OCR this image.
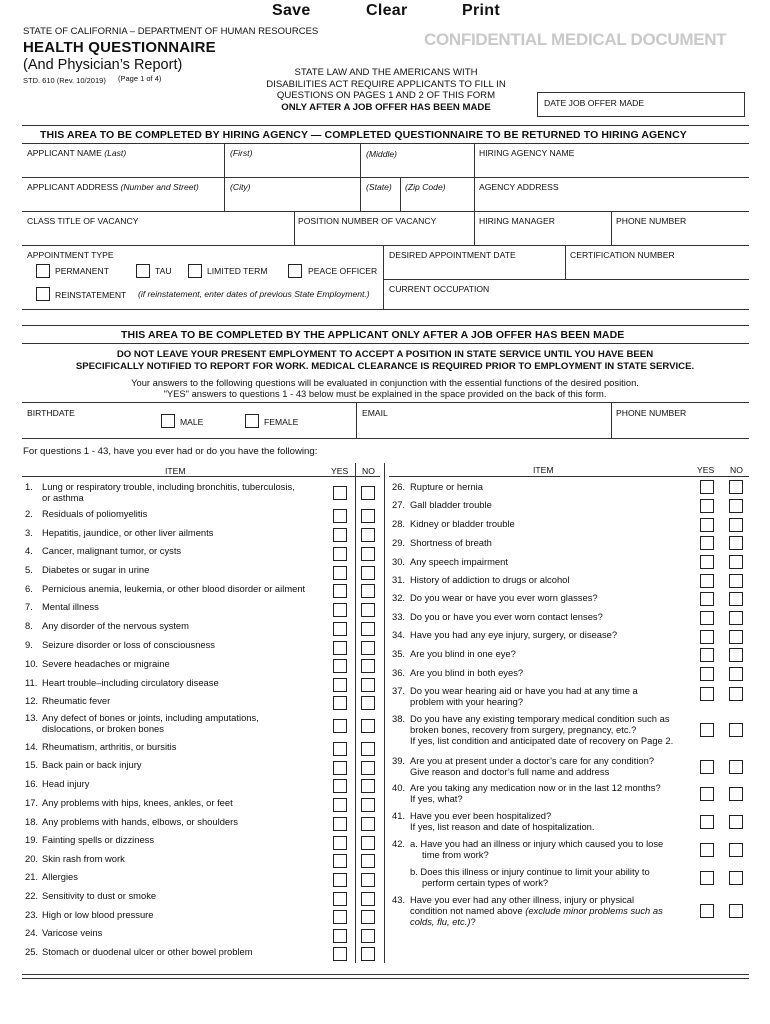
Save	Clear	Print
STATE OF CALIFORNIA – DEPARTMENT OF HUMAN RESOURCES
HEALTH QUESTIONNAIRE
(And Physician’s Report)
STD. 610 (Rev. 10/2019) (Page 1 of 4)
CONFIDENTIAL MEDICAL DOCUMENT
STATE LAW AND THE AMERICANS WITH
DISABILITIES ACT REQUIRE APPLICANTS TO FILL IN
QUESTIONS ON PAGES 1 AND 2 OF THIS FORM
ONLY AFTER A JOB OFFER HAS BEEN MADE	DATE JOB OFFER MADE
THIS AREA TO BE COMPLETED BY HIRING AGENCY — COMPLETED QUESTIONNAIRE TO BE RETURNED TO HIRING AGENCY
APPLICANT NAME (Last)	(First)	(Middle)	HIRING AGENCY NAME
APPLICANT ADDRESS (Number and Street)	(City)	(State) (Zip Code)	AGENCY ADDRESS
CLASS TITLE OF VACANCY	POSITION NUMBER OF VACANCY	HIRING MANAGER	PHONE NUMBER
APPOINTMENT TYPE
PERMANENT	TAU	LIMITED TERM	PEACE OFFICER
REINSTATEMENT (if reinstatement, enter dates of previous State Employment.)
DESIRED APPOINTMENT DATE	CERTIFICATION NUMBER
CURRENT OCCUPATION
THIS AREA TO BE COMPLETED BY THE APPLICANT ONLY AFTER A JOB OFFER HAS BEEN MADE
DO NOT LEAVE YOUR PRESENT EMPLOYMENT TO ACCEPT A POSITION IN STATE SERVICE UNTIL YOU HAVE BEEN
SPECIFICALLY NOTIFIED TO REPORT FOR WORK. MEDICAL CLEARANCE IS REQUIRED PRIOR TO EMPLOYMENT IN STATE SERVICE.
Your answers to the following questions will be evaluated in conjunction with the essential functions of the desired position.
"YES" answers to questions 1 - 43 below must be explained in the space provided on the back of this form.
BIRTHDATE
MALE	FEMALE
EMAIL	PHONE NUMBER
For questions 1 - 43, have you ever had or do you have the following:
ITEM	YES NO	ITEM	YES NO
1. Lung or respiratory trouble, including bronchitis, tuberculosis,
or asthma
2. Residuals of poliomyelitis
3. Hepatitis, jaundice, or other liver ailments
4. Cancer, malignant tumor, or cysts
5. Diabetes or sugar in urine
6. Pernicious anemia, leukemia, or other blood disorder or ailment
7. Mental illness
8. Any disorder of the nervous system
9. Seizure disorder or loss of consciousness
10. Severe headaches or migraine
11. Heart trouble–including circulatory disease
12. Rheumatic fever
13. Any defect of bones or joints, including amputations,
dislocations, or broken bones
14. Rheumatism, arthritis, or bursitis
15. Back pain or back injury
16. Head injury
17. Any problems with hips, knees, ankles, or feet
18. Any problems with hands, elbows, or shoulders
19. Fainting spells or dizziness
20. Skin rash from work
21. Allergies
22. Sensitivity to dust or smoke
23. High or low blood pressure
24. Varicose veins
25. Stomach or duodenal ulcer or other bowel problem
26. Rupture or hernia
27. Gall bladder trouble
28. Kidney or bladder trouble
29. Shortness of breath
30. Any speech impairment
31. History of addiction to drugs or alcohol
32. Do you wear or have you ever worn glasses?
33. Do you or have you ever worn contact lenses?
34. Have you had any eye injury, surgery, or disease?
35. Are you blind in one eye?
36. Are you blind in both eyes?
37. Do you wear hearing aid or have you had at any time a
problem with your hearing?
38. Do you have any existing temporary medical condition such as
broken bones, recovery from surgery, pregnancy, etc.?
If yes, list condition and anticipated date of recovery on Page 2.
39. Are you at present under a doctor’s care for any condition?
Give reason and doctor’s full name and address
40. Are you taking any medication now or in the last 12 months?
If yes, what?
41. Have you ever been hospitalized?
If yes, list reason and date of hospitalization.
42. a. Have you had an illness or injury which caused you to lose
time from work?
b. Does this illness or injury continue to limit your ability to
perform certain types of work?
43. Have you ever had any other illness, injury or physical
condition not named above (exclude minor problems such as
colds, flu, etc.)?
